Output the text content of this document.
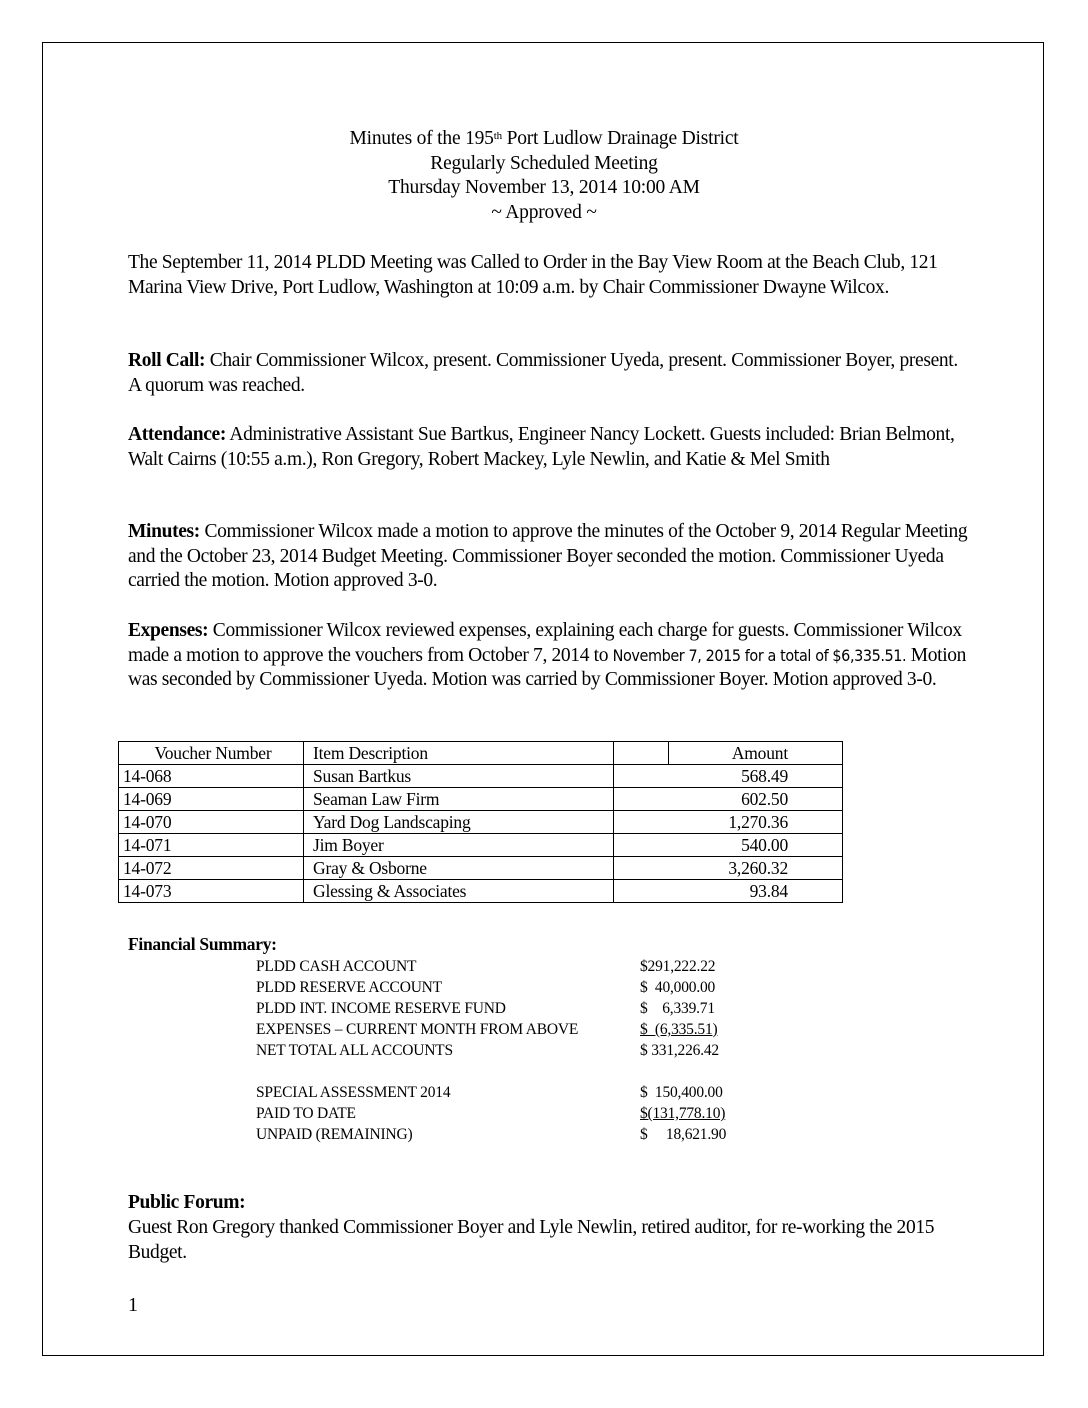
Minutes of the 195th Port Ludlow Drainage District
Regularly Scheduled Meeting
Thursday November 13, 2014 10:00 AM
~ Approved ~
The September 11, 2014 PLDD Meeting was Called to Order in the Bay View Room at the Beach Club, 121 Marina View Drive, Port Ludlow, Washington at 10:09 a.m. by Chair Commissioner Dwayne Wilcox.
Roll Call: Chair Commissioner Wilcox, present. Commissioner Uyeda, present. Commissioner Boyer, present. A quorum was reached.
Attendance: Administrative Assistant Sue Bartkus, Engineer Nancy Lockett. Guests included: Brian Belmont, Walt Cairns (10:55 a.m.), Ron Gregory, Robert Mackey, Lyle Newlin, and Katie & Mel Smith
Minutes: Commissioner Wilcox made a motion to approve the minutes of the October 9, 2014 Regular Meeting and the October 23, 2014 Budget Meeting. Commissioner Boyer seconded the motion. Commissioner Uyeda carried the motion. Motion approved 3-0.
Expenses: Commissioner Wilcox reviewed expenses, explaining each charge for guests. Commissioner Wilcox made a motion to approve the vouchers from October 7, 2014 to November 7, 2015 for a total of $6,335.51. Motion was seconded by Commissioner Uyeda. Motion was carried by Commissioner Boyer. Motion approved 3-0.
Voucher Number	Item Description	Amount
14-068	Susan Bartkus	568.49
14-069	Seaman Law Firm	602.50
14-070	Yard Dog Landscaping	1,270.36
14-071	Jim Boyer	540.00
14-072	Gray & Osborne	3,260.32
14-073	Glessing & Associates	93.84
Financial Summary:
PLDD CASH ACCOUNT	$291,222.22
PLDD RESERVE ACCOUNT	$  40,000.00
PLDD INT. INCOME RESERVE FUND	$    6,339.71
EXPENSES – CURRENT MONTH FROM ABOVE	$  (6,335.51)
NET TOTAL ALL ACCOUNTS	$ 331,226.42
SPECIAL ASSESSMENT 2014	$  150,400.00
PAID TO DATE	$(131,778.10)
UNPAID (REMAINING)	$     18,621.90
Public Forum:
Guest Ron Gregory thanked Commissioner Boyer and Lyle Newlin, retired auditor, for re-working the 2015 Budget.
1
